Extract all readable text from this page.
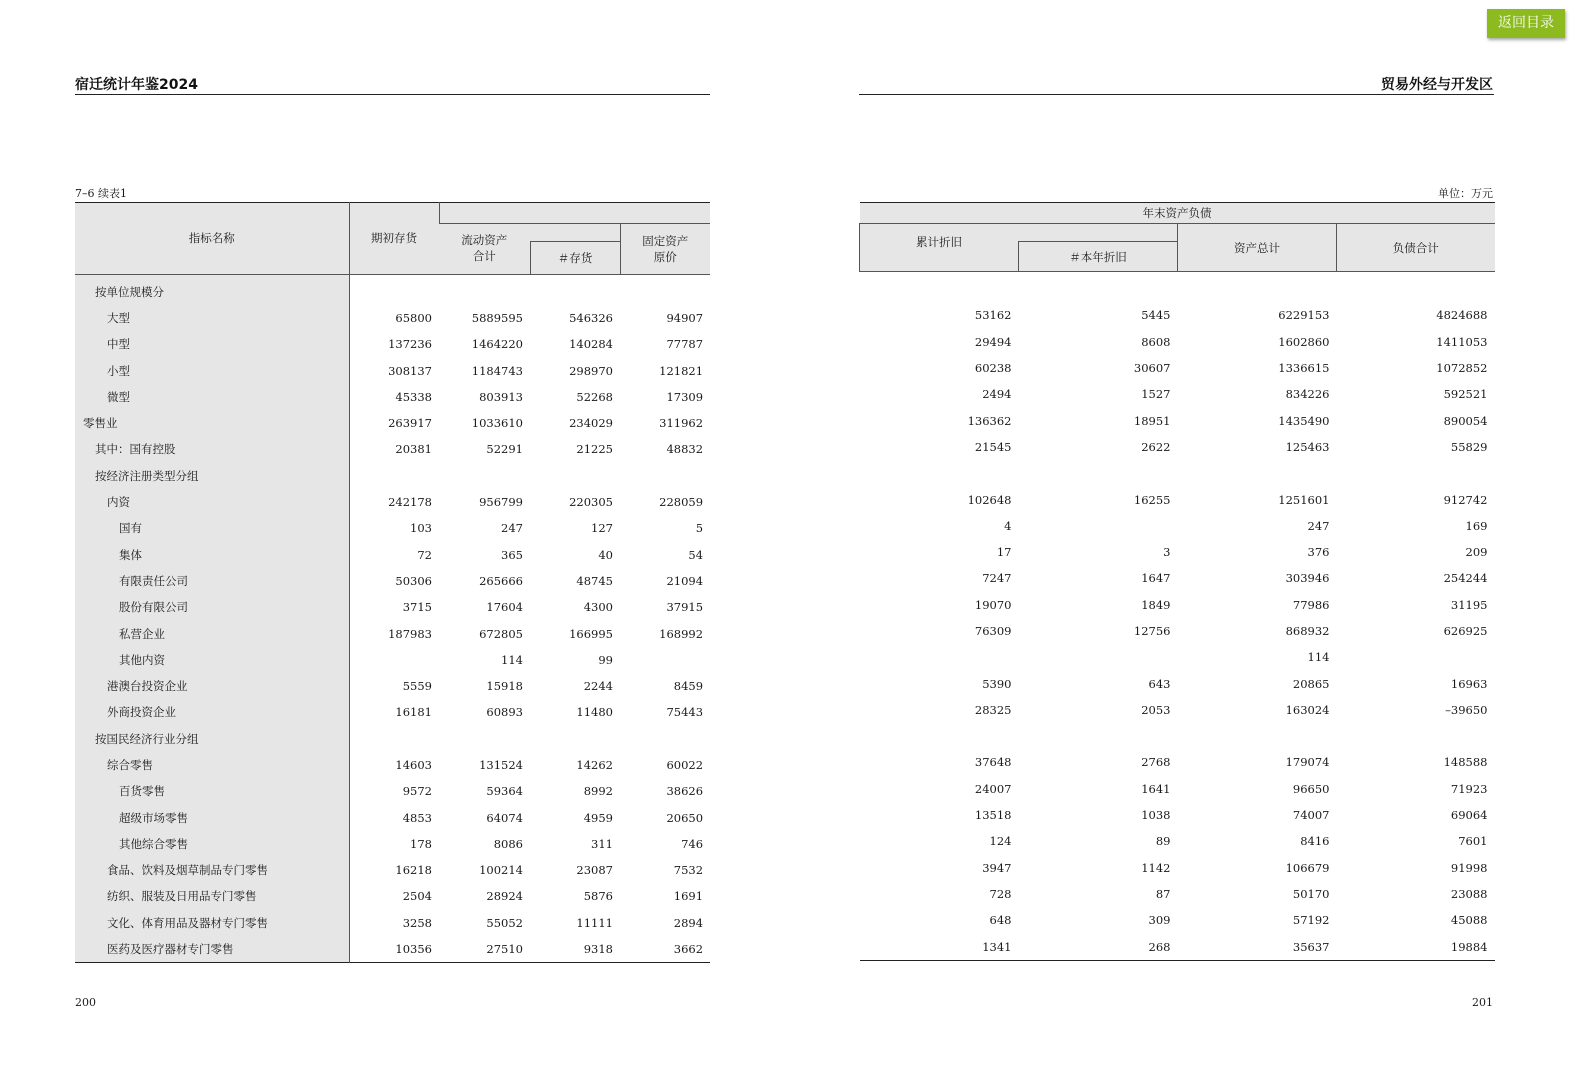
宿迁统计年鉴2024
7–6 续表1
指标名称	期初存货			
				固定资产原价
		流动资产合计	＃存货	
按单位规模分				
大型	65800	5889595	546326	94907
中型	137236	1464220	140284	77787
小型	308137	1184743	298970	121821
微型	45338	803913	52268	17309
零售业	263917	1033610	234029	311962
其中：国有控股	20381	52291	21225	48832
按经济注册类型分组				
内资	242178	956799	220305	228059
国有	103	247	127	5
集体	72	365	40	54
有限责任公司	50306	265666	48745	21094
股份有限公司	3715	17604	4300	37915
私营企业	187983	672805	166995	168992
其他内资		114	99	
港澳台投资企业	5559	15918	2244	8459
外商投资企业	16181	60893	11480	75443
按国民经济行业分组				
综合零售	14603	131524	14262	60022
百货零售	9572	59364	8992	38626
超级市场零售	4853	64074	4959	20650
其他综合零售	178	8086	311	746
食品、饮料及烟草制品专门零售	16218	100214	23087	7532
纺织、服装及日用品专门零售	2504	28924	5876	1691
文化、体育用品及器材专门零售	3258	55052	11111	2894
医药及医疗器材专门零售	10356	27510	9318	3662
200
贸易外经与开发区
单位：万元
年末资产负债			
		资产总计	负债合计
累计折旧	＃本年折旧		

53162	5445	6229153	4824688
29494	8608	1602860	1411053
60238	30607	1336615	1072852
2494	1527	834226	592521
136362	18951	1435490	890054
21545	2622	125463	55829

102648	16255	1251601	912742
4		247	169
17	3	376	209
7247	1647	303946	254244
19070	1849	77986	31195
76309	12756	868932	626925
		114	
5390	643	20865	16963
28325	2053	163024	–39650

37648	2768	179074	148588
24007	1641	96650	71923
13518	1038	74007	69064
124	89	8416	7601
3947	1142	106679	91998
728	87	50170	23088
648	309	57192	45088
1341	268	35637	19884
201
返回目录
